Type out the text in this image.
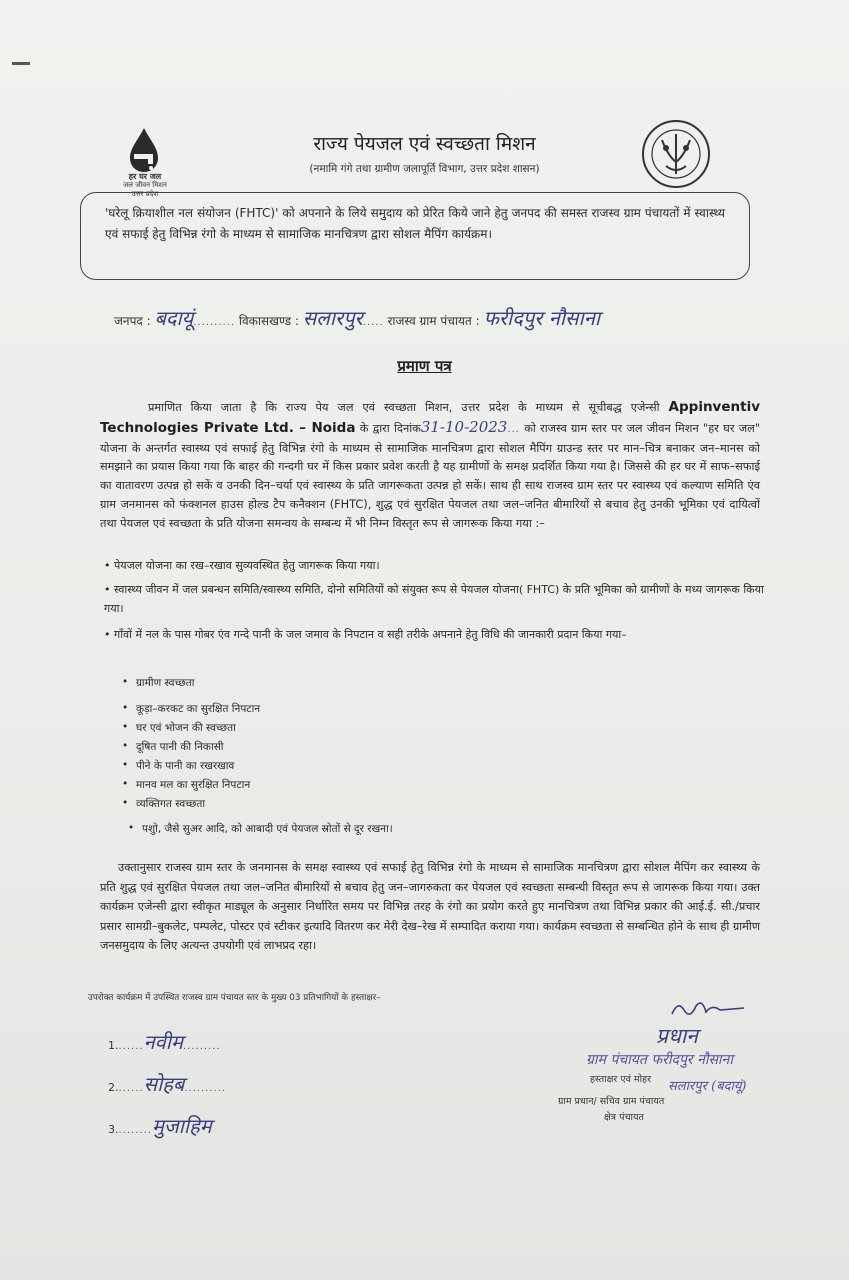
हर घर जल
जल जीवन मिशन
उत्तर प्रदेश
राज्य पेयजल एवं स्वच्छता मिशन
(नमामि गंगे तथा ग्रामीण जलापूर्ति विभाग, उत्तर प्रदेश शासन)
'घरेलू क्रियाशील नल संयोजन (FHTC)' को अपनाने के लिये समुदाय को प्रेरित किये जाने हेतु जनपद की समस्त राजस्व ग्राम पंचायतों में स्वास्थ्य एवं सफाई हेतु विभिन्न रंगो के माध्यम से सामाजिक मानचित्रण द्वारा सोशल मैपिंग कार्यक्रम।
जनपद : बदायूं.......... विकासखण्ड : सलारपुर..... राजस्व ग्राम पंचायत : फरीदपुर नौसाना
प्रमाण पत्र
प्रमाणित किया जाता है कि राज्य पेय जल एवं स्वच्छता मिशन, उत्तर प्रदेश के माध्यम से सूचीबद्ध एजेन्सी Appinventiv Technologies Private Ltd. – Noida के द्वारा दिनांक31-10-2023... को राजस्व ग्राम स्तर पर जल जीवन मिशन "हर घर जल" योजना के अन्तर्गत स्वास्थ्य एवं सफाई हेतु विभिन्न रंगो के माध्यम से सामाजिक मानचित्रण द्वारा सोशल मैपिंग ग्राउन्ड स्तर पर मान–चित्र बनाकर जन–मानस को समझाने का प्रयास किया गया कि बाहर की गन्दगी घर में किस प्रकार प्रवेश करती है यह ग्रामीणों के समक्ष प्रदर्शित किया गया है। जिससे की हर घर में साफ–सफाई का वातावरण उत्पन्न हो सकें व उनकी दिन–चर्या एवं स्वास्थ्य के प्रति जागरूकता उत्पन्न हो सकें। साथ ही साथ राजस्व ग्राम स्तर पर स्वास्थ्य एवं कल्याण समिति एंव ग्राम जनमानस को फंक्शनल हाउस होल्ड टैप कनैक्शन (FHTC), शुद्ध एवं सुरक्षित पेयजल तथा जल–जनित बीमारियों से बचाव हेतु उनकी भूमिका एवं दायित्वों तथा पेयजल एवं स्वच्छता के प्रति योजना समन्वय के सम्बन्ध में भी निम्न विस्तृत रूप से जागरूक किया गया :–
• पेयजल योजना का रख–रखाव सुव्यवस्थित हेतु जागरूक किया गया।
• स्वास्थ्य जीवन में जल प्रबन्धन समिति/स्वास्थ्य समिति, दोनो समितियों को संयुक्त रूप से पेयजल योजना( FHTC) के प्रति भूमिका को ग्रामीणों के मध्य जागरूक किया गया।
• गाँवों में नल के पास गोबर एंव गन्दे पानी के जल जमाव के निपटान व सही तरीके अपनाने हेतु विधि की जानकारी प्रदान किया गया–
• ग्रामीण स्वच्छता
• कूड़ा–करकट का सुरक्षित निपटान
• घर एवं भोजन की स्वच्छता
• दूषित पानी की निकासी
• पीने के पानी का रखरखाव
• मानव मल का सुरक्षित निपटान
• व्यक्तिगत स्वच्छता
• पशुो, जैसे सुअर आदि, को आबादी एवं पेयजल स्रोतों से दूर रखना।
उक्तानुसार राजस्व ग्राम स्तर के जनमानस के समक्ष स्वास्थ्य एवं सफाई हेतु विभिन्न रंगो के माध्यम से सामाजिक मानचित्रण द्वारा सोशल मैपिंग कर स्वास्थ्य के प्रति शुद्ध एवं सुरक्षित पेयजल तथा जल–जनित बीमारियों से बचाव हेतु जन–जागरुकता कर पेयजल एवं स्वच्छता सम्बन्धी विस्तृत रूप से जागरूक किया गया। उक्त कार्यक्रम एजेन्सी द्वारा स्वीकृत माड्यूल के अनुसार निर्धारित समय पर विभिन्न तरह के रंगो का प्रयोग करते हुए मानचित्रण तथा विभिन्न प्रकार की आई.ई. सी./प्रचार प्रसार सामग्री–बुकलेट, पम्पलेट, पोस्टर एवं स्टीकर इत्यादि वितरण कर मेरी देख–रेख में सम्पादित कराया गया। कार्यक्रम स्वच्छता से सम्बन्धित होने के साथ ही ग्रामीण जनसमुदाय के लिए अत्यन्त उपयोगी एवं लाभप्रद रहा।
उपरोक्त कार्यक्रम में उपस्थित राजस्व ग्राम पंचायत स्तर के मुख्य 03 प्रतिभागियों के हस्ताक्षर–
1.......नवीम.........
2.......सोहब..........
3.........मुजाहिम
प्रधान
ग्राम पंचायत फरीदपुर नौसाना
हस्ताक्षर एवं मोहर सलारपुर (बदायूं)
ग्राम प्रधान/ सचिव ग्राम पंचायत
क्षेत्र पंचायत
